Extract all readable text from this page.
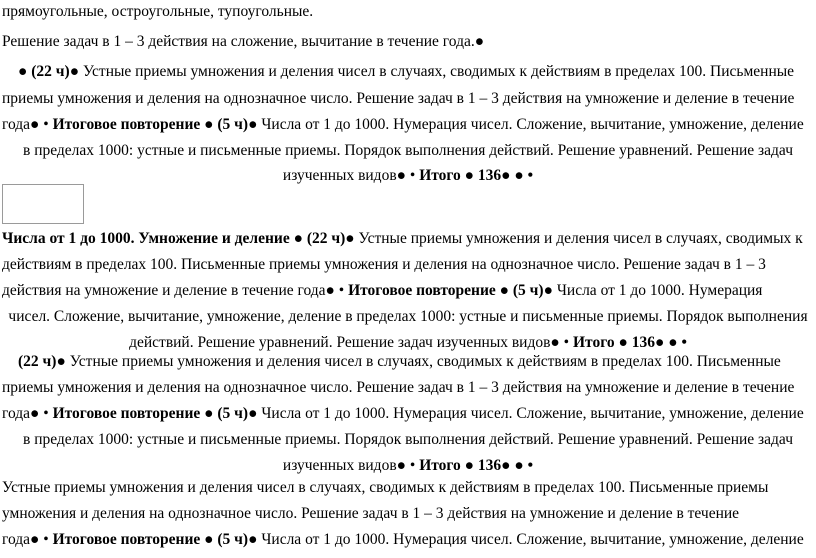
прямоугольные, остроугольные, тупоугольные.
Решение задач в 1 – 3 действия на сложение, вычитание в течение года.●
● (22 ч)● Устные приемы умножения и деления чисел в случаях, сводимых к действиям в пределах 100. Письменные
приемы умножения и деления на однозначное число. Решение задач в 1 – 3 действия на умножение и деление в течение
года● • Итоговое повторение ● (5 ч)● Числа от 1 до 1000. Нумерация чисел. Сложение, вычитание, умножение, деление
в пределах 1000: устные и письменные приемы. Порядок выполнения действий. Решение уравнений. Решение задач
изученных видов● • Итого ● 136● ● •
Числа от 1 до 1000. Умножение и деление ● (22 ч)● Устные приемы умножения и деления чисел в случаях, сводимых к
действиям в пределах 100. Письменные приемы умножения и деления на однозначное число. Решение задач в 1 – 3
действия на умножение и деление в течение года● • Итоговое повторение ● (5 ч)● Числа от 1 до 1000. Нумерация
чисел. Сложение, вычитание, умножение, деление в пределах 1000: устные и письменные приемы. Порядок выполнения
действий. Решение уравнений. Решение задач изученных видов● • Итого ● 136● ● •
(22 ч)● Устные приемы умножения и деления чисел в случаях, сводимых к действиям в пределах 100. Письменные
приемы умножения и деления на однозначное число. Решение задач в 1 – 3 действия на умножение и деление в течение
года● • Итоговое повторение ● (5 ч)● Числа от 1 до 1000. Нумерация чисел. Сложение, вычитание, умножение, деление
в пределах 1000: устные и письменные приемы. Порядок выполнения действий. Решение уравнений. Решение задач
изученных видов● • Итого ● 136● ● •
Устные приемы умножения и деления чисел в случаях, сводимых к действиям в пределах 100. Письменные приемы
умножения и деления на однозначное число. Решение задач в 1 – 3 действия на умножение и деление в течение
года● • Итоговое повторение ● (5 ч)● Числа от 1 до 1000. Нумерация чисел. Сложение, вычитание, умножение, деление
